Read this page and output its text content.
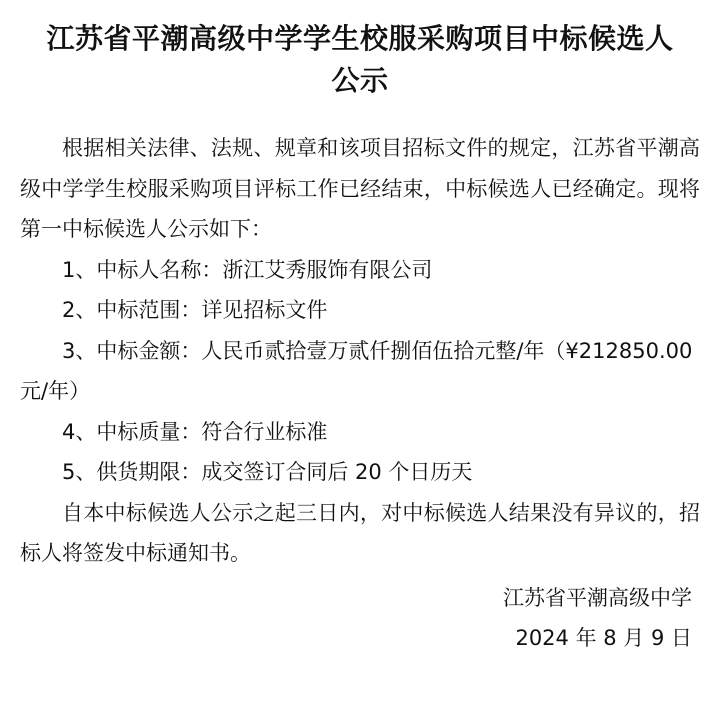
江苏省平潮高级中学学生校服采购项目中标候选人
公示

根据相关法律、法规、规章和该项目招标文件的规定，江苏省平潮高级中学学生校服采购项目评标工作已经结束，中标候选人已经确定。现将第一中标候选人公示如下：

1、中标人名称：浙江艾秀服饰有限公司

2、中标范围：详见招标文件

3、中标金额：人民币贰拾壹万贰仟捌佰伍拾元整/年（¥212850.00 元/年）

4、中标质量：符合行业标准

5、供货期限：成交签订合同后 20 个日历天

自本中标候选人公示之起三日内，对中标候选人结果没有异议的，招标人将签发中标通知书。

江苏省平潮高级中学

2024 年 8 月 9 日
